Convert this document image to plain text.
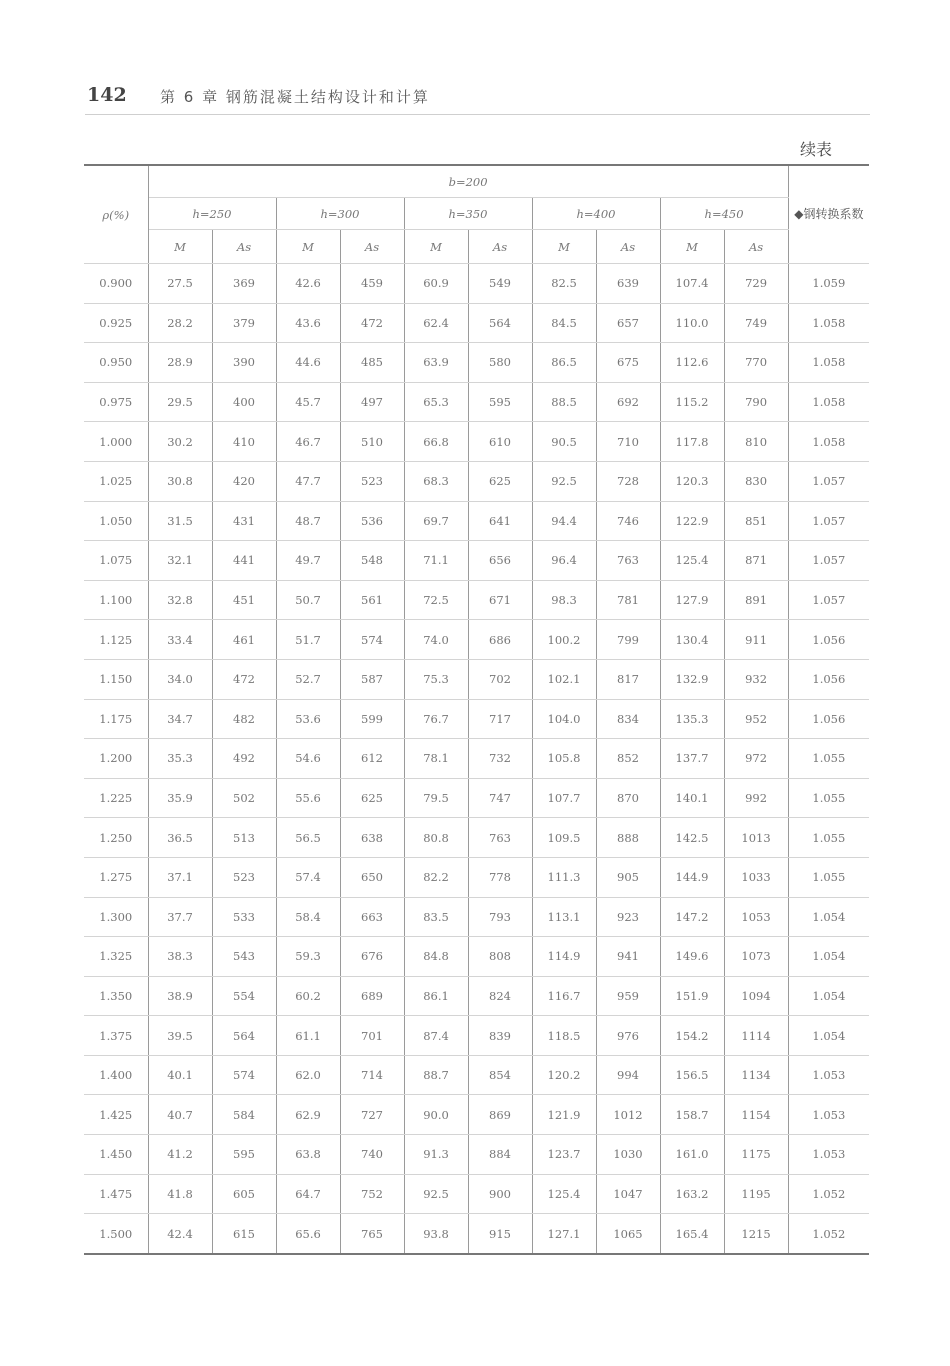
142 第 6 章 钢筋混凝土结构设计和计算
续表
ρ(%)	b=200										◆钢转换系数
	h=250		h=300		h=350		h=400		h=450		
	M	As	M	As	M	As	M	As	M	As	
0.900	27.5	369	42.6	459	60.9	549	82.5	639	107.4	729	1.059
0.925	28.2	379	43.6	472	62.4	564	84.5	657	110.0	749	1.058
0.950	28.9	390	44.6	485	63.9	580	86.5	675	112.6	770	1.058
0.975	29.5	400	45.7	497	65.3	595	88.5	692	115.2	790	1.058
1.000	30.2	410	46.7	510	66.8	610	90.5	710	117.8	810	1.058
1.025	30.8	420	47.7	523	68.3	625	92.5	728	120.3	830	1.057
1.050	31.5	431	48.7	536	69.7	641	94.4	746	122.9	851	1.057
1.075	32.1	441	49.7	548	71.1	656	96.4	763	125.4	871	1.057
1.100	32.8	451	50.7	561	72.5	671	98.3	781	127.9	891	1.057
1.125	33.4	461	51.7	574	74.0	686	100.2	799	130.4	911	1.056
1.150	34.0	472	52.7	587	75.3	702	102.1	817	132.9	932	1.056
1.175	34.7	482	53.6	599	76.7	717	104.0	834	135.3	952	1.056
1.200	35.3	492	54.6	612	78.1	732	105.8	852	137.7	972	1.055
1.225	35.9	502	55.6	625	79.5	747	107.7	870	140.1	992	1.055
1.250	36.5	513	56.5	638	80.8	763	109.5	888	142.5	1013	1.055
1.275	37.1	523	57.4	650	82.2	778	111.3	905	144.9	1033	1.055
1.300	37.7	533	58.4	663	83.5	793	113.1	923	147.2	1053	1.054
1.325	38.3	543	59.3	676	84.8	808	114.9	941	149.6	1073	1.054
1.350	38.9	554	60.2	689	86.1	824	116.7	959	151.9	1094	1.054
1.375	39.5	564	61.1	701	87.4	839	118.5	976	154.2	1114	1.054
1.400	40.1	574	62.0	714	88.7	854	120.2	994	156.5	1134	1.053
1.425	40.7	584	62.9	727	90.0	869	121.9	1012	158.7	1154	1.053
1.450	41.2	595	63.8	740	91.3	884	123.7	1030	161.0	1175	1.053
1.475	41.8	605	64.7	752	92.5	900	125.4	1047	163.2	1195	1.052
1.500	42.4	615	65.6	765	93.8	915	127.1	1065	165.4	1215	1.052
